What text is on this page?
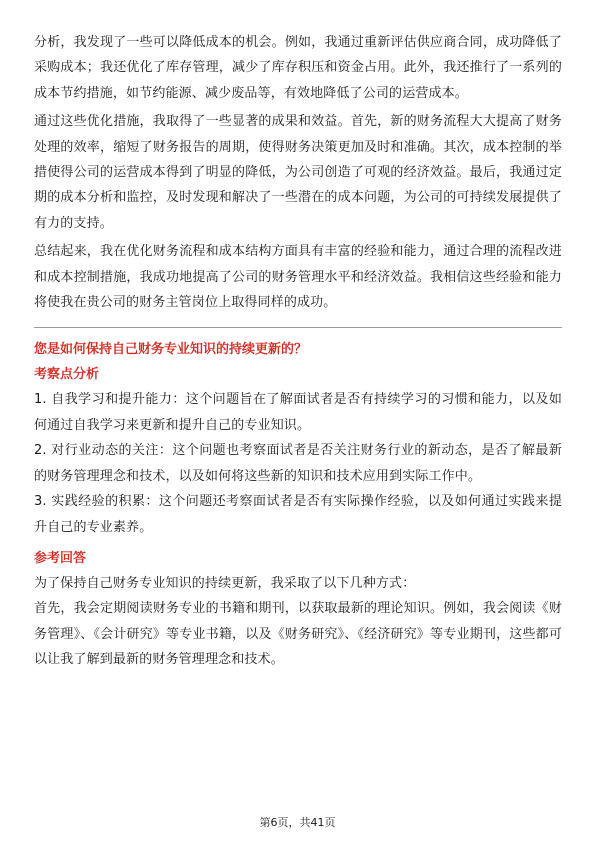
分析，我发现了一些可以降低成本的机会。例如，我通过重新评估供应商合同，成功降低了采购成本；我还优化了库存管理，减少了库存积压和资金占用。此外，我还推行了一系列的成本节约措施，如节约能源、减少废品等，有效地降低了公司的运营成本。

通过这些优化措施，我取得了一些显著的成果和效益。首先，新的财务流程大大提高了财务处理的效率，缩短了财务报告的周期，使得财务决策更加及时和准确。其次，成本控制的举措使得公司的运营成本得到了明显的降低，为公司创造了可观的经济效益。最后，我通过定期的成本分析和监控，及时发现和解决了一些潜在的成本问题，为公司的可持续发展提供了有力的支持。

总结起来，我在优化财务流程和成本结构方面具有丰富的经验和能力，通过合理的流程改进和成本控制措施，我成功地提高了公司的财务管理水平和经济效益。我相信这些经验和能力将使我在贵公司的财务主管岗位上取得同样的成功。

您是如何保持自己财务专业知识的持续更新的？
考察点分析

1. 自我学习和提升能力：这个问题旨在了解面试者是否有持续学习的习惯和能力，以及如何通过自我学习来更新和提升自己的专业知识。

2. 对行业动态的关注：这个问题也考察面试者是否关注财务行业的新动态，是否了解最新的财务管理理念和技术，以及如何将这些新的知识和技术应用到实际工作中。

3. 实践经验的积累：这个问题还考察面试者是否有实际操作经验，以及如何通过实践来提升自己的专业素养。

参考回答

为了保持自己财务专业知识的持续更新，我采取了以下几种方式：

首先，我会定期阅读财务专业的书籍和期刊，以获取最新的理论知识。例如，我会阅读《财务管理》、《会计研究》等专业书籍，以及《财务研究》、《经济研究》等专业期刊，这些都可以让我了解到最新的财务管理理念和技术。

第6页，共41页
